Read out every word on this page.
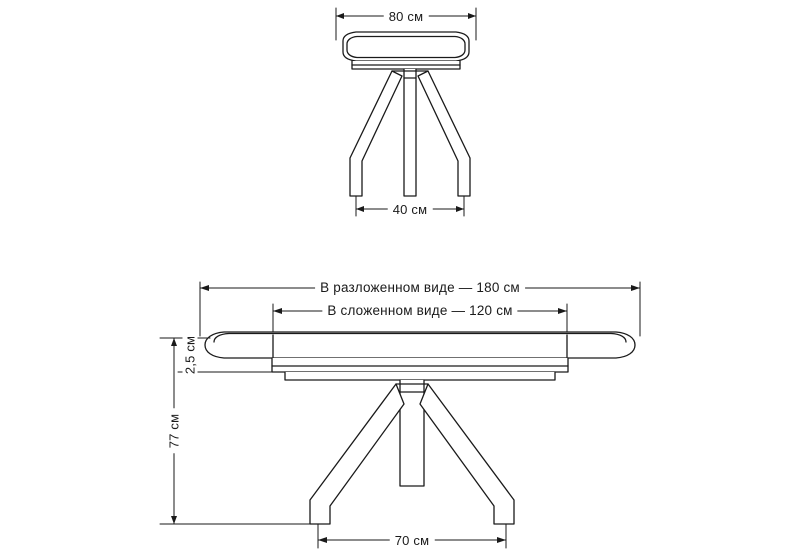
80 см
40 см
В разложенном виде — 180 см
В сложенном виде — 120 см
2,5 см
77 см
70 см
